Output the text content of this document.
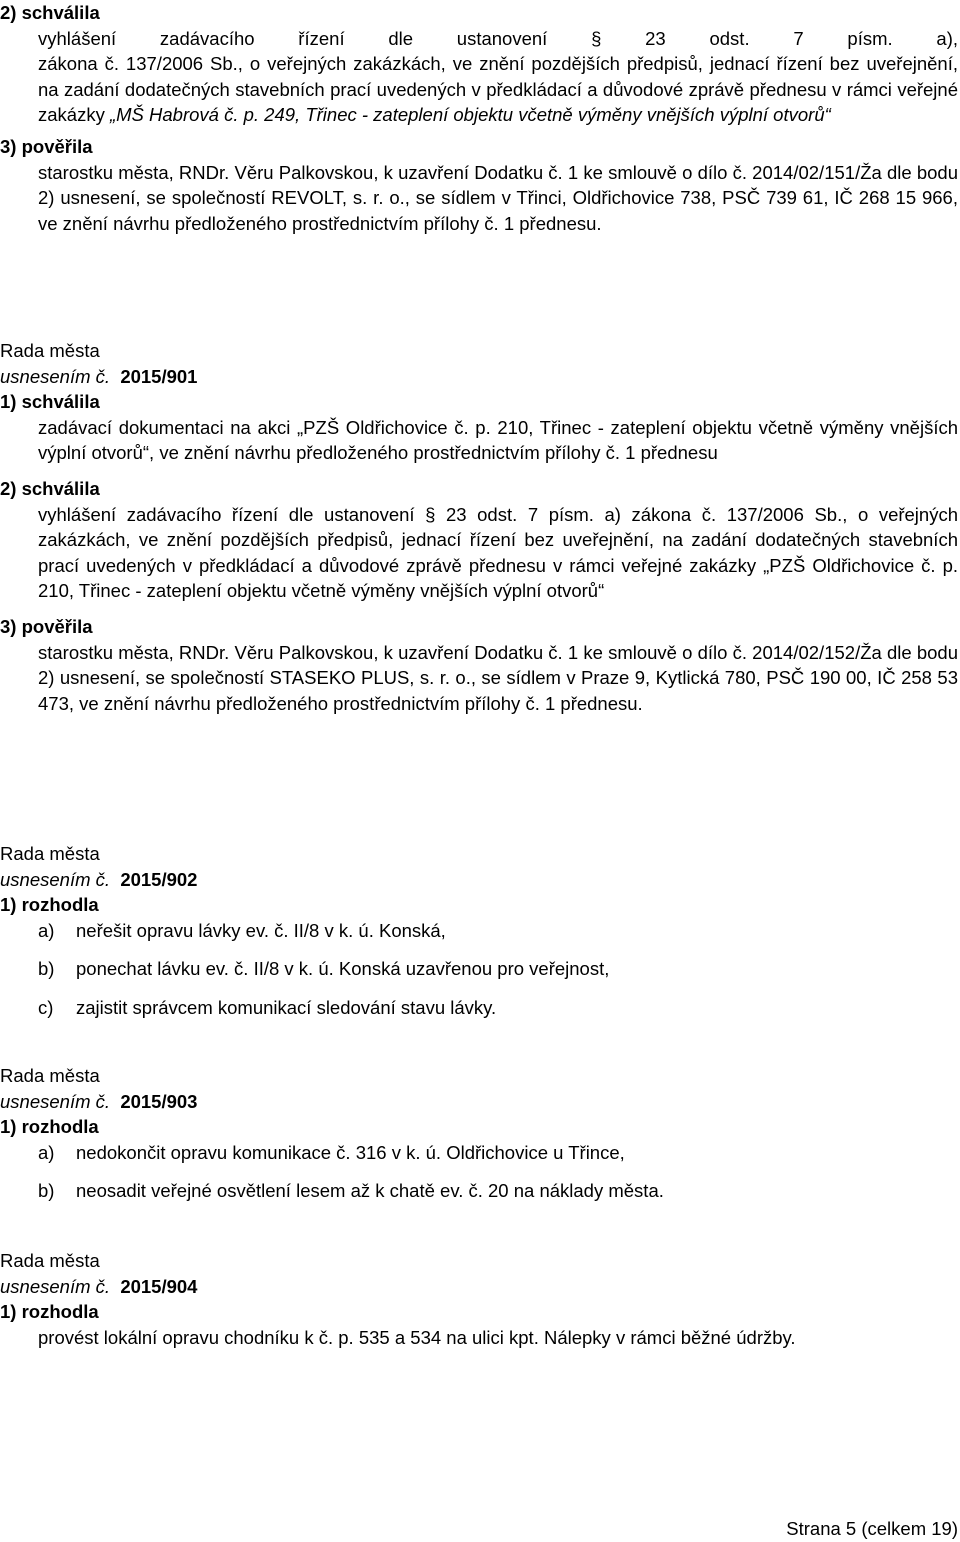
2) schválila

vyhlášení zadávacího řízení dle ustanovení § 23 odst. 7 písm. a),

zákona č. 137/2006 Sb., o veřejných zakázkách, ve znění pozdějších předpisů, jednací řízení bez uveřejnění, na zadání dodatečných stavebních prací uvedených v předkládací a důvodové zprávě přednesu v rámci veřejné zakázky „MŠ Habrová č. p. 249, Třinec - zateplení objektu včetně výměny vnějších výplní otvorů“

3) pověřila

starostku města, RNDr. Věru Palkovskou, k uzavření Dodatku č. 1 ke smlouvě o dílo č. 2014/02/151/Ža dle bodu 2) usnesení, se společností REVOLT, s. r. o., se sídlem v Třinci, Oldřichovice 738, PSČ 739 61, IČ 268 15 966, ve znění návrhu předloženého prostřednictvím přílohy č. 1 přednesu.

Rada města

usnesením č. 2015/901

1) schválila

zadávací dokumentaci na akci „PZŠ Oldřichovice č. p. 210, Třinec - zateplení objektu včetně výměny vnějších výplní otvorů“, ve znění návrhu předloženého prostřednictvím přílohy č. 1 přednesu

2) schválila

vyhlášení zadávacího řízení dle ustanovení § 23 odst. 7 písm. a) zákona č. 137/2006 Sb., o veřejných zakázkách, ve znění pozdějších předpisů, jednací řízení bez uveřejnění, na zadání dodatečných stavebních prací uvedených v předkládací a důvodové zprávě přednesu v rámci veřejné zakázky „PZŠ Oldřichovice č. p. 210, Třinec - zateplení objektu včetně výměny vnějších výplní otvorů“

3) pověřila

starostku města, RNDr. Věru Palkovskou, k uzavření Dodatku č. 1 ke smlouvě o dílo č. 2014/02/152/Ža dle bodu 2) usnesení, se společností STASEKO PLUS, s. r. o., se sídlem v Praze 9, Kytlická 780, PSČ 190 00, IČ 258 53 473, ve znění návrhu předloženého prostřednictvím přílohy č. 1 přednesu.

Rada města

usnesením č. 2015/902

1) rozhodla

a)	neřešit opravu lávky ev. č. II/8 v k. ú. Konská,
b)	ponechat lávku ev. č. II/8 v k. ú. Konská uzavřenou pro veřejnost,
c)	zajistit správcem komunikací sledování stavu lávky.

Rada města

usnesením č. 2015/903

1) rozhodla

a)	nedokončit opravu komunikace č. 316 v k. ú. Oldřichovice u Třince,
b)	neosadit veřejné osvětlení lesem až k chatě ev. č. 20 na náklady města.

Rada města

usnesením č. 2015/904

1) rozhodla

provést lokální opravu chodníku k č. p. 535 a 534 na ulici kpt. Nálepky v rámci běžné údržby.

Strana 5 (celkem 19)
